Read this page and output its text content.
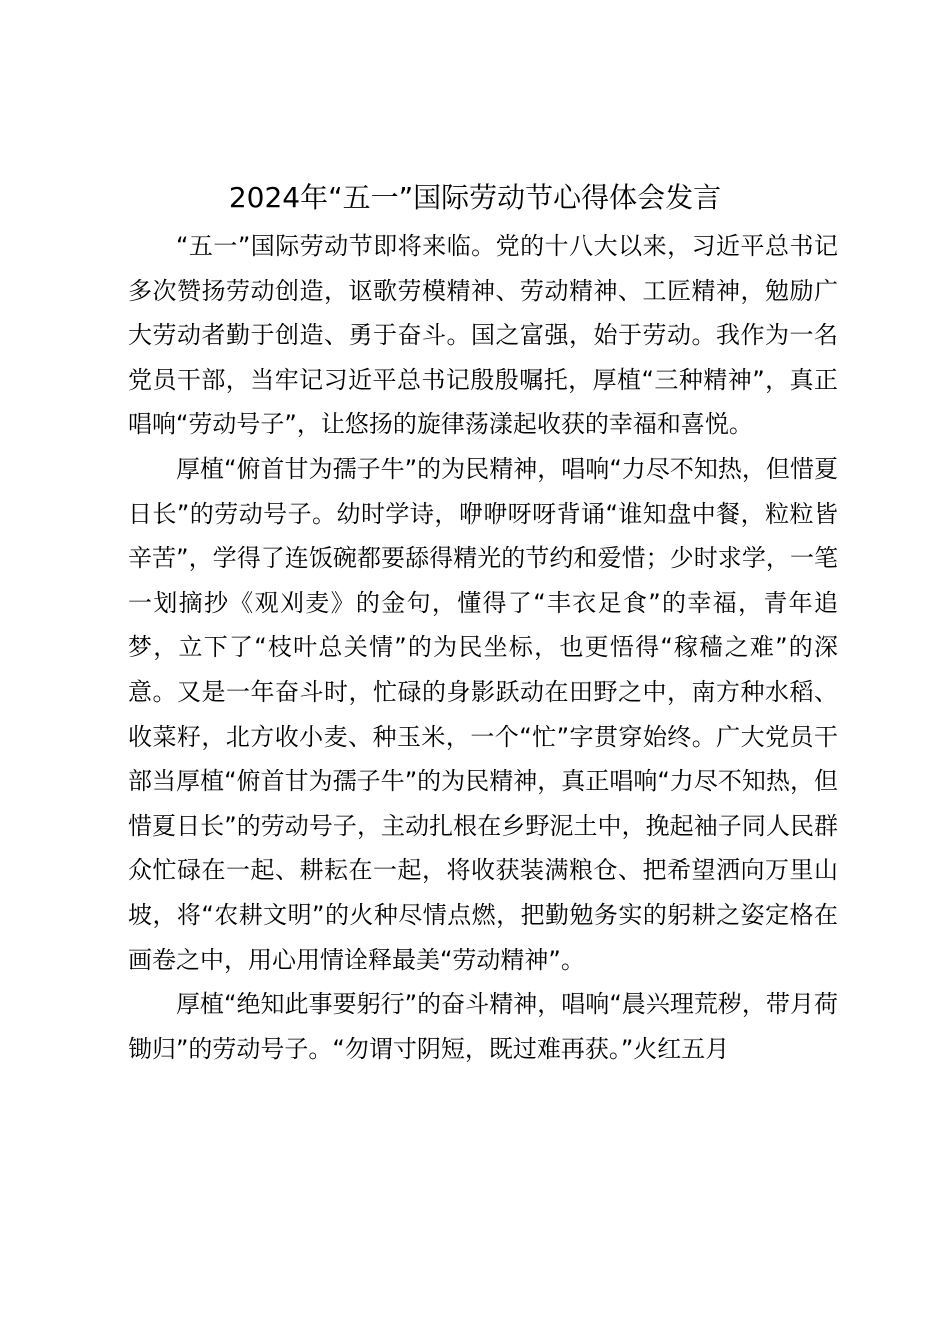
2024年“五一”国际劳动节心得体会发言

“五一”国际劳动节即将来临。党的十八大以来，习近平总书记多次赞扬劳动创造，讴歌劳模精神、劳动精神、工匠精神，勉励广大劳动者勤于创造、勇于奋斗。国之富强，始于劳动。我作为一名党员干部，当牢记习近平总书记殷殷嘱托，厚植“三种精神”，真正唱响“劳动号子”，让悠扬的旋律荡漾起收获的幸福和喜悦。

厚植“俯首甘为孺子牛”的为民精神，唱响“力尽不知热，但惜夏日长”的劳动号子。幼时学诗，咿咿呀呀背诵“谁知盘中餐，粒粒皆辛苦”，学得了连饭碗都要舔得精光的节约和爱惜；少时求学，一笔一划摘抄《观刈麦》的金句，懂得了“丰衣足食”的幸福，青年追梦，立下了“枝叶总关情”的为民坐标，也更悟得“稼穑之难”的深意。又是一年奋斗时，忙碌的身影跃动在田野之中，南方种水稻、收菜籽，北方收小麦、种玉米，一个“忙”字贯穿始终。广大党员干部当厚植“俯首甘为孺子牛”的为民精神，真正唱响“力尽不知热，但惜夏日长”的劳动号子，主动扎根在乡野泥土中，挽起袖子同人民群众忙碌在一起、耕耘在一起，将收获装满粮仓、把希望洒向万里山坡，将“农耕文明”的火种尽情点燃，把勤勉务实的躬耕之姿定格在画卷之中，用心用情诠释最美“劳动精神”。

厚植“绝知此事要躬行”的奋斗精神，唱响“晨兴理荒秽，带月荷锄归”的劳动号子。“勿谓寸阴短，既过难再获。”火红五月
